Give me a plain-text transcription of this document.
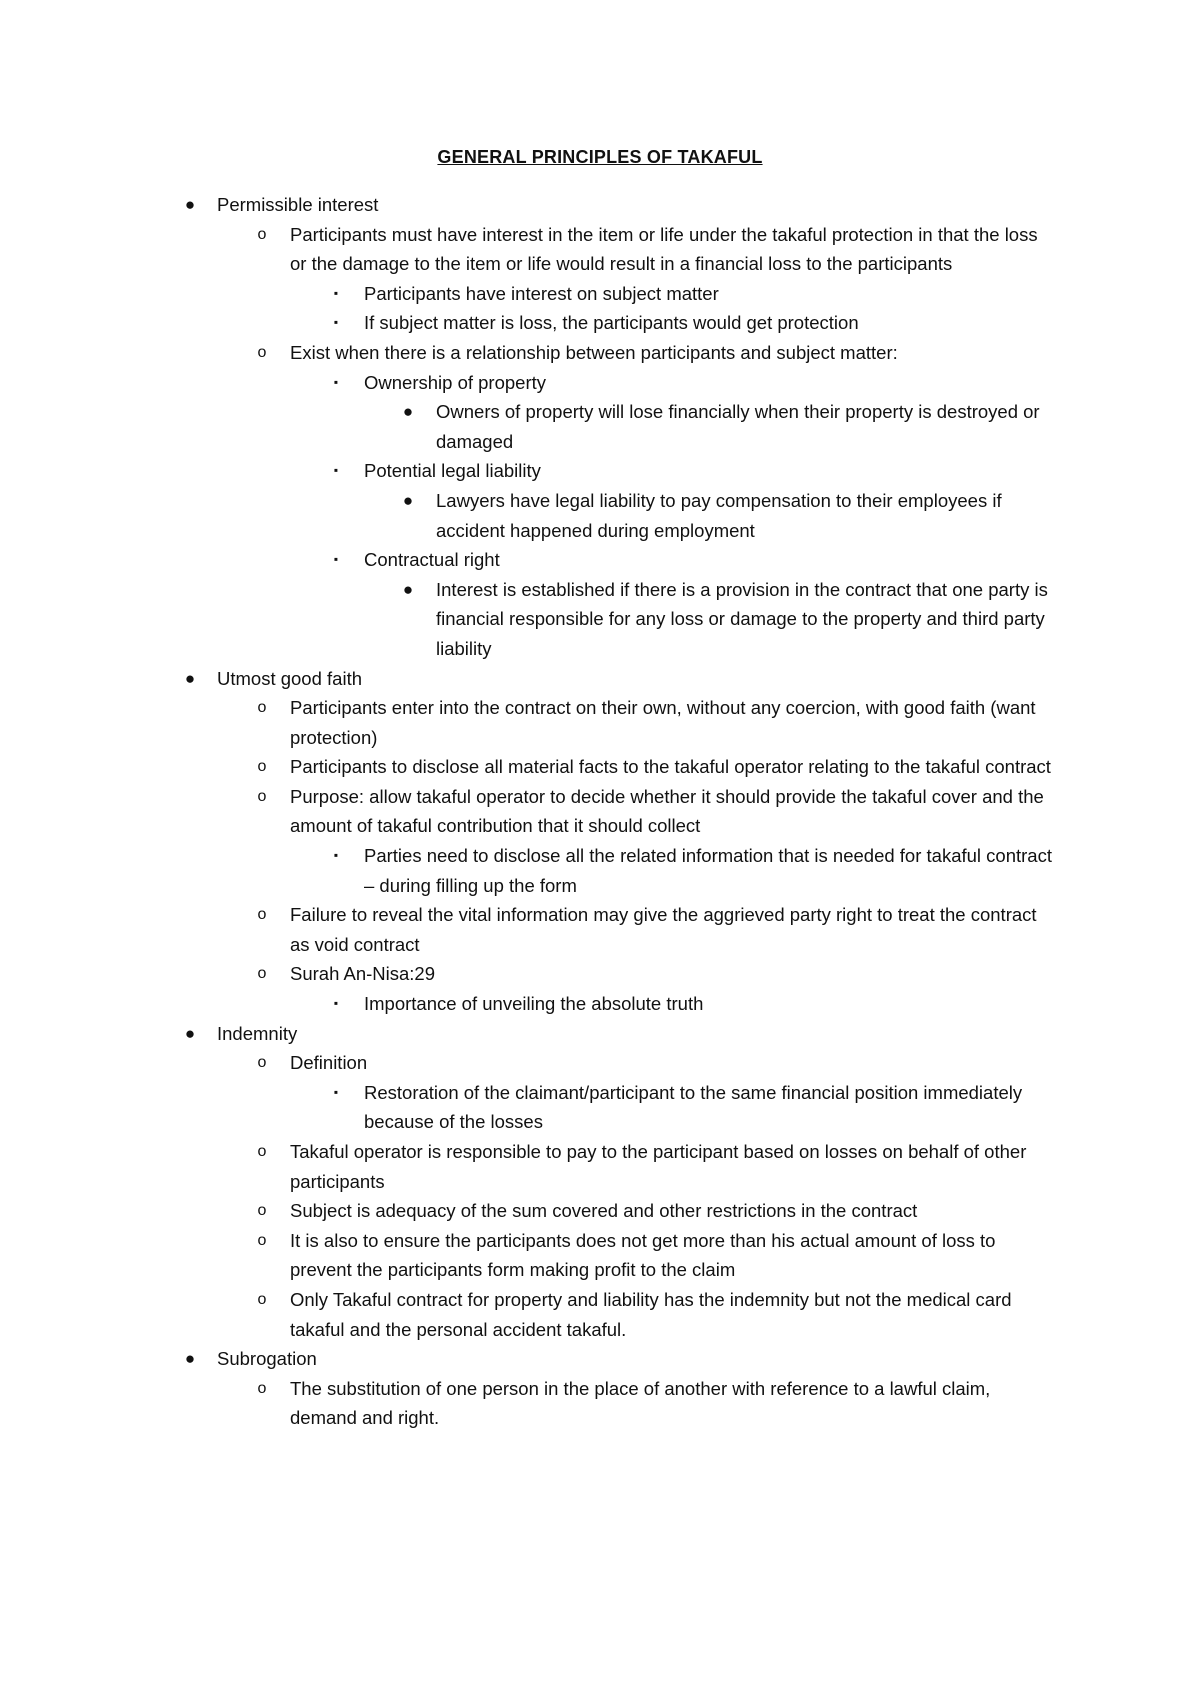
GENERAL PRINCIPLES OF TAKAFUL
● Permissible interest
o Participants must have interest in the item or life under the takaful protection in that the loss or the damage to the item or life would result in a financial loss to the participants
▪	Participants have interest on subject matter
▪	If subject matter is loss, the participants would get protection
o Exist when there is a relationship between participants and subject matter:
▪	Ownership of property
● Owners of property will lose financially when their property is destroyed or damaged
▪	Potential legal liability
● Lawyers have legal liability to pay compensation to their employees if accident happened during employment
▪	Contractual right
● Interest is established if there is a provision in the contract that one party is financial responsible for any loss or damage to the property and third party liability
● Utmost good faith
o Participants enter into the contract on their own, without any coercion, with good faith (want protection)
o Participants to disclose all material facts to the takaful operator relating to the takaful contract
o Purpose: allow takaful operator to decide whether it should provide the takaful cover and the amount of takaful contribution that it should collect
▪	Parties need to disclose all the related information that is needed for takaful contract – during filling up the form
o Failure to reveal the vital information may give the aggrieved party right to treat the contract as void contract
o Surah An-Nisa:29
▪	Importance of unveiling the absolute truth
● Indemnity
o Definition
▪	Restoration of the claimant/participant to the same financial position immediately because of the losses
o Takaful operator is responsible to pay to the participant based on losses on behalf of other participants
o Subject is adequacy of the sum covered and other restrictions in the contract
o It is also to ensure the participants does not get more than his actual amount of loss to prevent the participants form making profit to the claim
o Only Takaful contract for property and liability has the indemnity but not the medical card takaful and the personal accident takaful.
● Subrogation
o The substitution of one person in the place of another with reference to a lawful claim, demand and right.
